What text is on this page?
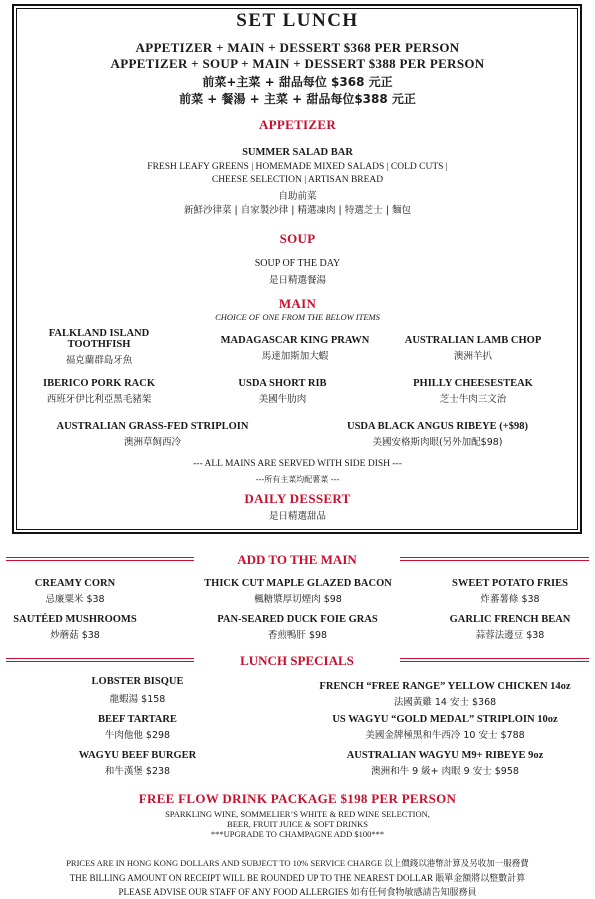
SET LUNCH
APPETIZER + MAIN + DESSERT $368 PER PERSON
APPETIZER + SOUP + MAIN + DESSERT $388 PER PERSON
前菜+主菜 + 甜品每位 $368 元正
前菜 + 餐湯 + 主菜 + 甜品每位$388 元正
APPETIZER
SUMMER SALAD BAR
FRESH LEAFY GREENS | HOMEMADE MIXED SALADS | COLD CUTS |
CHEESE SELECTION | ARTISAN BREAD
自助前菜
新鮮沙律菜 | 自家製沙律 | 精選凍肉 | 特選芝士 | 麵包
SOUP
SOUP OF THE DAY
是日精選餐湯
MAIN
CHOICE OF ONE FROM THE BELOW ITEMS
FALKLAND ISLAND
TOOTHFISH
福克蘭群島牙魚
MADAGASCAR KING PRAWN
馬達加斯加大蝦
AUSTRALIAN LAMB CHOP
澳洲羊扒
IBERICO PORK RACK
西班牙伊比利亞黑毛豬架
USDA SHORT RIB
美國牛肋肉
PHILLY CHEESESTEAK
芝士牛肉三文治
AUSTRALIAN GRASS-FED STRIPLOIN
澳洲草飼西冷
USDA BLACK ANGUS RIBEYE (+$98)
美國安格斯肉眼(另外加配$98)
--- ALL MAINS ARE SERVED WITH SIDE DISH ---
---所有主菜均配薯菜 ---
DAILY DESSERT
是日精選甜品
ADD TO THE MAIN
CREAMY CORN
忌廉粟米 $38
THICK CUT MAPLE GLAZED BACON
楓糖漿厚切煙肉 $98
SWEET POTATO FRIES
炸蕃薯條 $38
SAUTÉED MUSHROOMS
炒蘑菇 $38
PAN-SEARED DUCK FOIE GRAS
香煎鴨肝 $98
GARLIC FRENCH BEAN
蒜蓉法邊豆 $38
LUNCH SPECIALS
LOBSTER BISQUE
龍蝦湯 $158
FRENCH “FREE RANGE” YELLOW CHICKEN 14oz
法國黃雞 14 安士 $368
BEEF TARTARE
牛肉他他 $298
US WAGYU “GOLD MEDAL” STRIPLOIN 10oz
美國金牌極黑和牛西冷 10 安士 $788
WAGYU BEEF BURGER
和牛漢堡 $238
AUSTRALIAN WAGYU M9+ RIBEYE 9oz
澳洲和牛 9 級+ 肉眼 9 安士 $958
FREE FLOW DRINK PACKAGE $198 PER PERSON
SPARKLING WINE, SOMMELIER’S WHITE & RED WINE SELECTION,
BEER, FRUIT JUICE & SOFT DRINKS
***UPGRADE TO CHAMPAGNE ADD $100***
PRICES ARE IN HONG KONG DOLLARS AND SUBJECT TO 10% SERVICE CHARGE 以上價錢以港幣計算及另收加一服務費
THE BILLING AMOUNT ON RECEIPT WILL BE ROUNDED UP TO THE NEAREST DOLLAR 賬單金額將以整數計算
PLEASE ADVISE OUR STAFF OF ANY FOOD ALLERGIES 如有任何食物敏感請告知服務員
